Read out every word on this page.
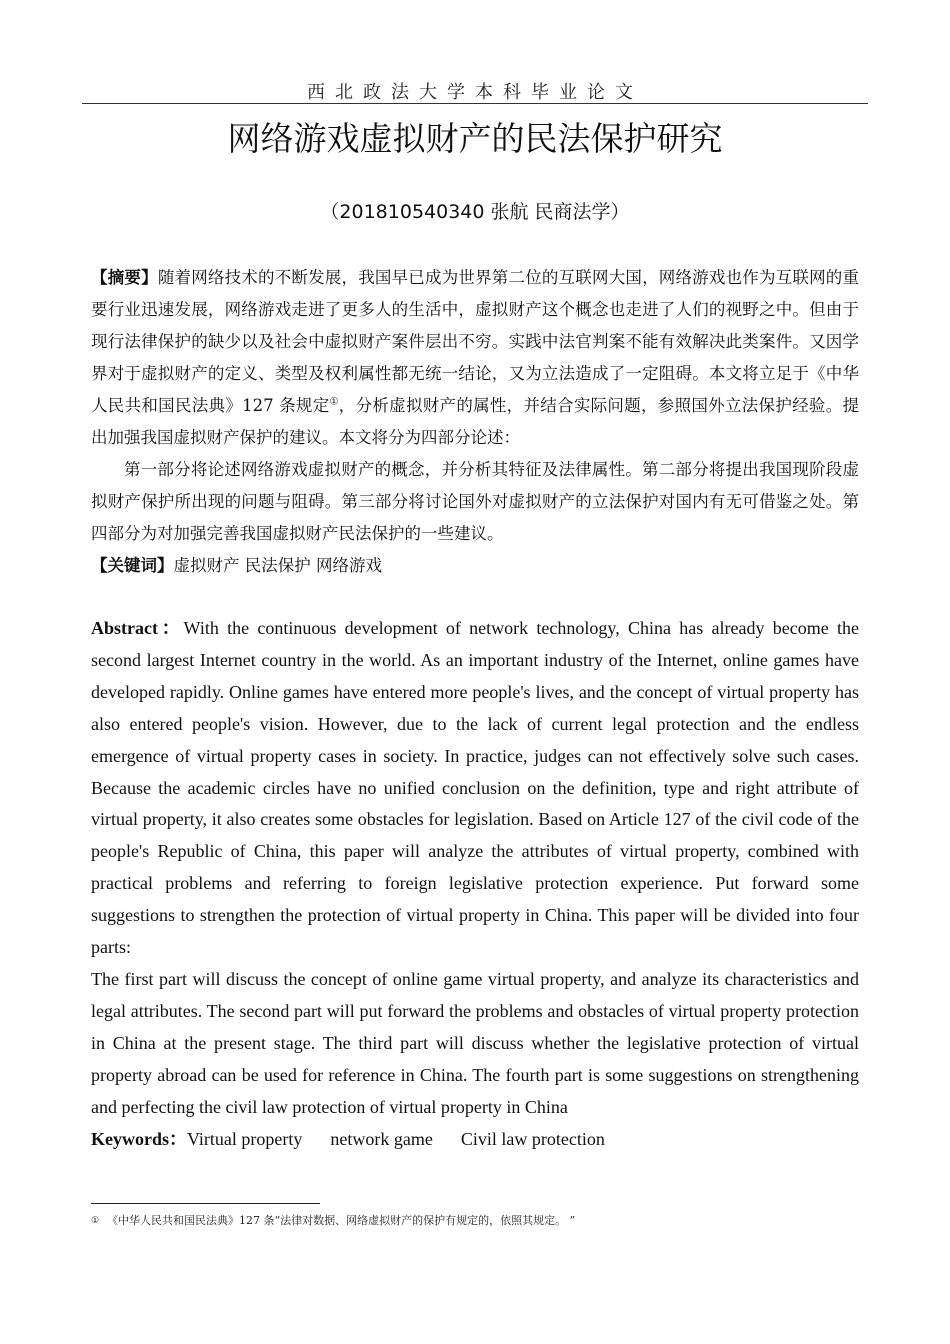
西北政法大学本科毕业论文
网络游戏虚拟财产的民法保护研究
（201810540340 张航 民商法学）

【摘要】随着网络技术的不断发展，我国早已成为世界第二位的互联网大国，网络游戏也作为互联网的重要行业迅速发展，网络游戏走进了更多人的生活中，虚拟财产这个概念也走进了人们的视野之中。但由于现行法律保护的缺少以及社会中虚拟财产案件层出不穷。实践中法官判案不能有效解决此类案件。又因学界对于虚拟财产的定义、类型及权利属性都无统一结论，又为立法造成了一定阻碍。本文将立足于《中华人民共和国民法典》127 条规定①，分析虚拟财产的属性，并结合实际问题，参照国外立法保护经验。提出加强我国虚拟财产保护的建议。本文将分为四部分论述：

第一部分将论述网络游戏虚拟财产的概念，并分析其特征及法律属性。第二部分将提出我国现阶段虚拟财产保护所出现的问题与阻碍。第三部分将讨论国外对虚拟财产的立法保护对国内有无可借鉴之处。第四部分为对加强完善我国虚拟财产民法保护的一些建议。

【关键词】虚拟财产 民法保护 网络游戏

Abstract：With the continuous development of network technology, China has already become the second largest Internet country in the world. As an important industry of the Internet, online games have developed rapidly. Online games have entered more people's lives, and the concept of virtual property has also entered people's vision. However, due to the lack of current legal protection and the endless emergence of virtual property cases in society. In practice, judges can not effectively solve such cases. Because the academic circles have no unified conclusion on the definition, type and right attribute of virtual property, it also creates some obstacles for legislation. Based on Article 127 of the civil code of the people's Republic of China, this paper will analyze the attributes of virtual property, combined with practical problems and referring to foreign legislative protection experience. Put forward some suggestions to strengthen the protection of virtual property in China. This paper will be divided into four parts:

The first part will discuss the concept of online game virtual property, and analyze its characteristics and legal attributes. The second part will put forward the problems and obstacles of virtual property protection in China at the present stage. The third part will discuss whether the legislative protection of virtual property abroad can be used for reference in China. The fourth part is some suggestions on strengthening and perfecting the civil law protection of virtual property in China

Keywords：Virtual property network game Civil law protection

① 《中华人民共和国民法典》127 条“法律对数据、网络虚拟财产的保护有规定的，依照其规定。 ”
